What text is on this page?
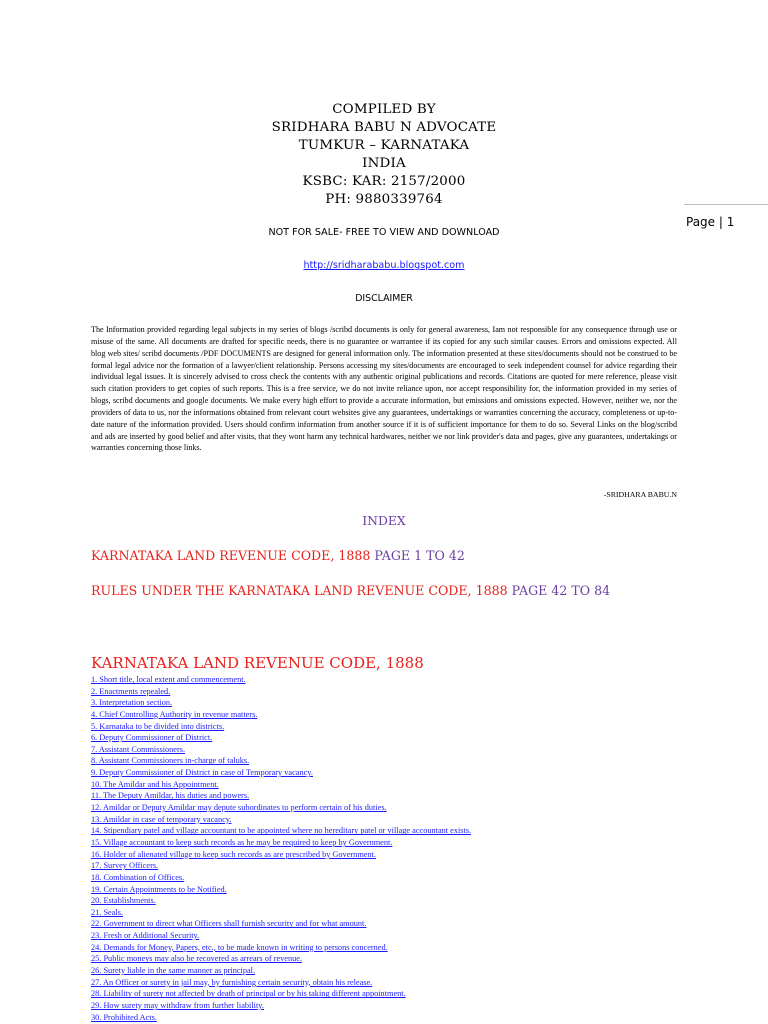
COMPILED BY
SRIDHARA BABU N ADVOCATE
TUMKUR – KARNATAKA
INDIA
KSBC: KAR: 2157/2000
PH: 9880339764
Page | 1
NOT FOR SALE- FREE TO VIEW AND DOWNLOAD
http://sridharababu.blogspot.com
DISCLAIMER
The Information provided regarding legal subjects in my series of blogs /scribd documents is only for general awareness, Iam not responsible for any consequence through use or misuse of the same. All documents are drafted for specific needs, there is no guarantee or warrantee if its copied for any such similar causes. Errors and omissions expected. All blog web sites/ scribd documents /PDF DOCUMENTS are designed for general information only. The information presented at these sites/documents should not be construed to be formal legal advice nor the formation of a lawyer/client relationship. Persons accessing my sites/documents are encouraged to seek independent counsel for advice regarding their individual legal issues. It is sincerely advised to cross check the contents with any authentic original publications and records. Citations are quoted for mere reference, please visit such citation providers to get copies of such reports. This is a free service, we do not invite reliance upon, nor accept responsibility for, the information provided in my series of blogs, scribd documents and google documents. We make every high effort to provide a accurate information, but emissions and omissions expected. However, neither we, nor the providers of data to us, nor the informations obtained from relevant court websites give any guarantees, undertakings or warranties concerning the accuracy, completeness or up-to-date nature of the information provided. Users should confirm information from another source if it is of sufficient importance for them to do so. Several Links on the blog/scribd and ads are inserted by good belief and after visits, that they wont harm any technical hardwares, neither we nor link provider's data and pages, give any guarantees, undertakings or warranties concerning those links.
-SRIDHARA BABU.N
INDEX
KARNATAKA LAND REVENUE CODE, 1888 PAGE 1 TO 42
RULES UNDER THE KARNATAKA LAND REVENUE CODE, 1888 PAGE 42 TO 84
KARNATAKA LAND REVENUE CODE, 1888
1. Short title, local extent and commencement.
2. Enactments repealed.
3. Interpretation section.
4. Chief Controlling Authority in revenue matters.
5. Karnataka to be divided into districts.
6. Deputy Commissioner of District.
7. Assistant Commissioners.
8. Assistant Commissioners in-charge of taluks.
9. Deputy Commissioner of District in case of Temporary vacancy.
10. The Amildar and his Appointment.
11. The Deputy Amildar, his duties and powers.
12. Amildar or Deputy Amildar may depute subordinates to perform certain of his duties.
13. Amildar in case of temporary vacancy.
14. Stipendiary patel and village accountant to be appointed where no hereditary patel or village accountant exists.
15. Village accountant to keep such records as he may be required to keep by Government.
16. Holder of alienated village to keep such records as are prescribed by Government.
17. Survey Officers.
18. Combination of Offices.
19. Certain Appointments to be Notified.
20. Establishments.
21. Seals.
22. Government to direct what Officers shall furnish security and for what amount.
23. Fresh or Additional Security.
24. Demands for Money, Papers, etc., to be made known in writing to persons concerned.
25. Public moneys may also be recovered as arrears of revenue.
26. Surety liable in the same manner as principal.
27. An Officer or surety in jail may, by furnishing certain security, obtain his release.
28. Liability of surety not affected by death of principal or by his taking different appointment.
29. How surety may withdraw from further liability.
30. Prohibited Acts.
